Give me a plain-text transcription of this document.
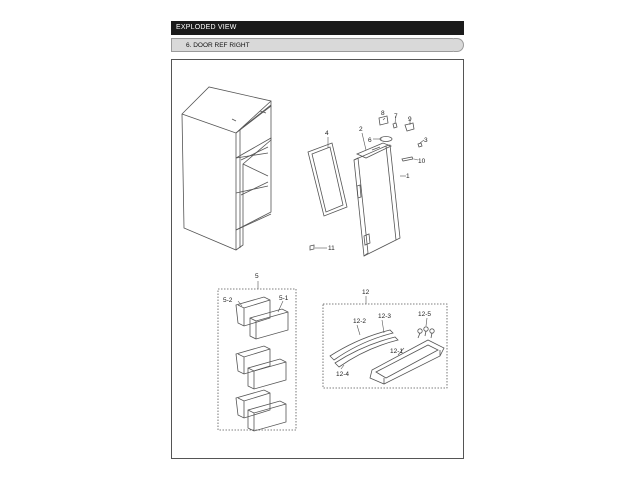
EXPLODED VIEW
6. DOOR REF RIGHT
4
2
6
8 7 9
3
10
1
11
5
5-2	5-1
12
12-2
12-3	12-5
12-1
12-4
